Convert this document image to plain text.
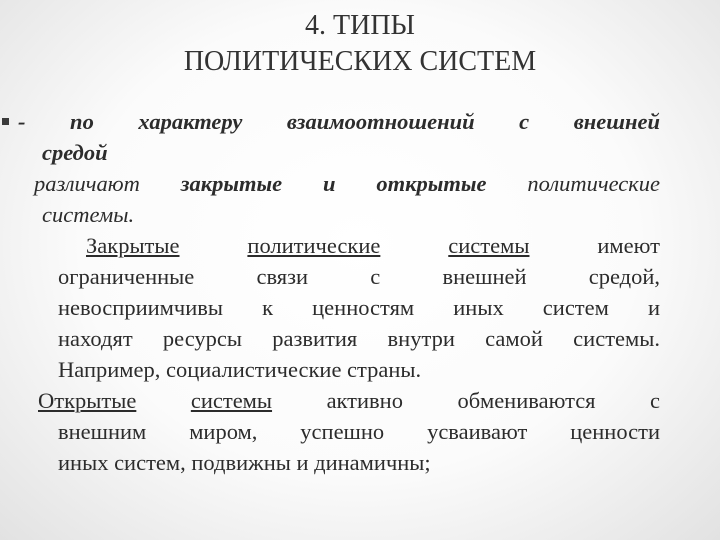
4. ТИПЫ
ПОЛИТИЧЕСКИХ СИСТЕМ
- по характеру взаимоотношений с внешней
средой
различают закрытые и открытые политические
системы.
Закрытые	политические	системы	имеют
ограниченные связи с внешней средой,
невосприимчивы к ценностям иных систем и
находят ресурсы развития внутри самой системы.
Например, социалистические страны.
Открытые системы активно обмениваются с
внешним миром, успешно усваивают ценности
иных систем, подвижны и динамичны;
